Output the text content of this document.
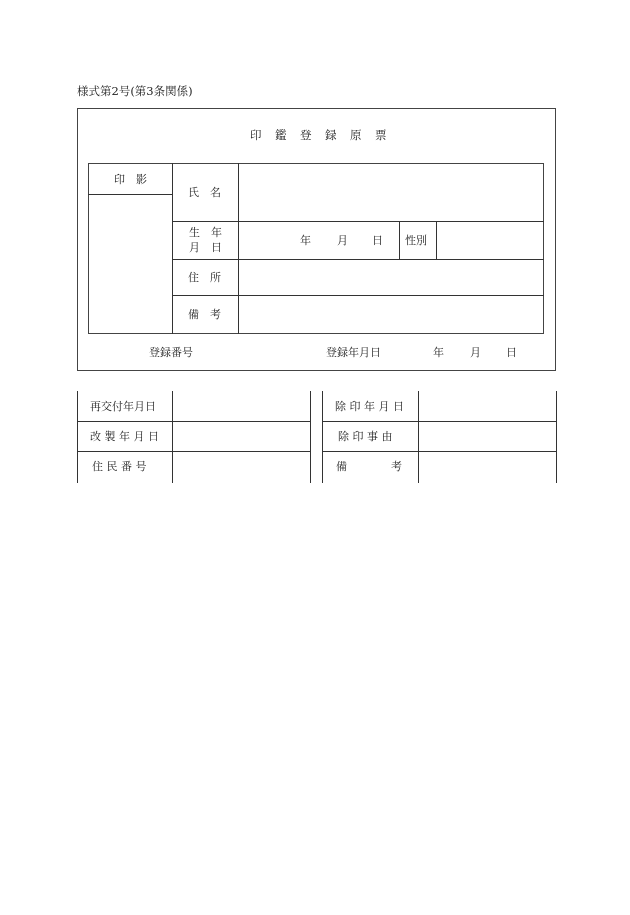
様式第2号(第3条関係)
印　鑑　登　録　原　票
印　影
氏　名
生　年
月　日
年 月 日 性別
住　所
備　考
登録番号	登録年月日	年 月 日
再交付年月日
改 製 年 月 日
住 民 番 号
除 印 年 月 日
除 印 事 由
備　　　　考
